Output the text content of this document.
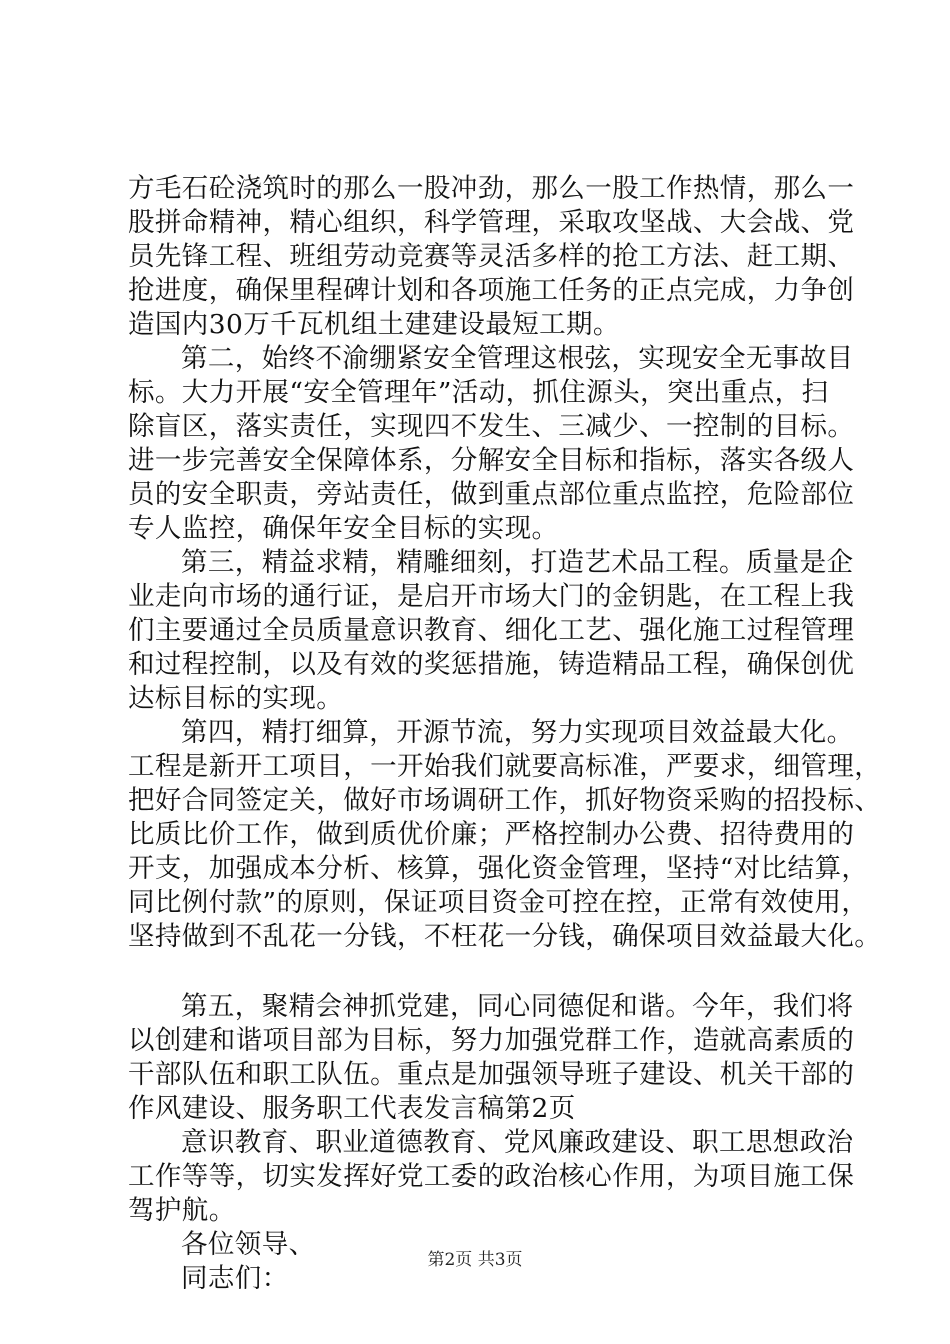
方毛石砼浇筑时的那么一股冲劲，那么一股工作热情，那么一
股拼命精神，精心组织，科学管理，采取攻坚战、大会战、党
员先锋工程、班组劳动竞赛等灵活多样的抢工方法、赶工期、
抢进度，确保里程碑计划和各项施工任务的正点完成，力争创
造国内30万千瓦机组土建建设最短工期。
第二，始终不渝绷紧安全管理这根弦，实现安全无事故目
标。大力开展“安全管理年”活动，抓住源头，突出重点，扫
除盲区，落实责任，实现四不发生、三减少、一控制的目标。
进一步完善安全保障体系，分解安全目标和指标，落实各级人
员的安全职责，旁站责任，做到重点部位重点监控，危险部位
专人监控，确保年安全目标的实现。
第三，精益求精，精雕细刻，打造艺术品工程。质量是企
业走向市场的通行证，是启开市场大门的金钥匙，在工程上我
们主要通过全员质量意识教育、细化工艺、强化施工过程管理
和过程控制，以及有效的奖惩措施，铸造精品工程，确保创优
达标目标的实现。
第四，精打细算，开源节流，努力实现项目效益最大化。
工程是新开工项目，一开始我们就要高标准，严要求，细管理，
把好合同签定关，做好市场调研工作，抓好物资采购的招投标、
比质比价工作，做到质优价廉；严格控制办公费、招待费用的
开支，加强成本分析、核算，强化资金管理，坚持“对比结算，
同比例付款”的原则，保证项目资金可控在控，正常有效使用，
坚持做到不乱花一分钱，不枉花一分钱，确保项目效益最大化。
第五，聚精会神抓党建，同心同德促和谐。今年，我们将
以创建和谐项目部为目标，努力加强党群工作，造就高素质的
干部队伍和职工队伍。重点是加强领导班子建设、机关干部的
作风建设、服务职工代表发言稿第2页
意识教育、职业道德教育、党风廉政建设、职工思想政治
工作等等，切实发挥好党工委的政治核心作用，为项目施工保
驾护航。
各位领导、
同志们：
第2页 共3页
